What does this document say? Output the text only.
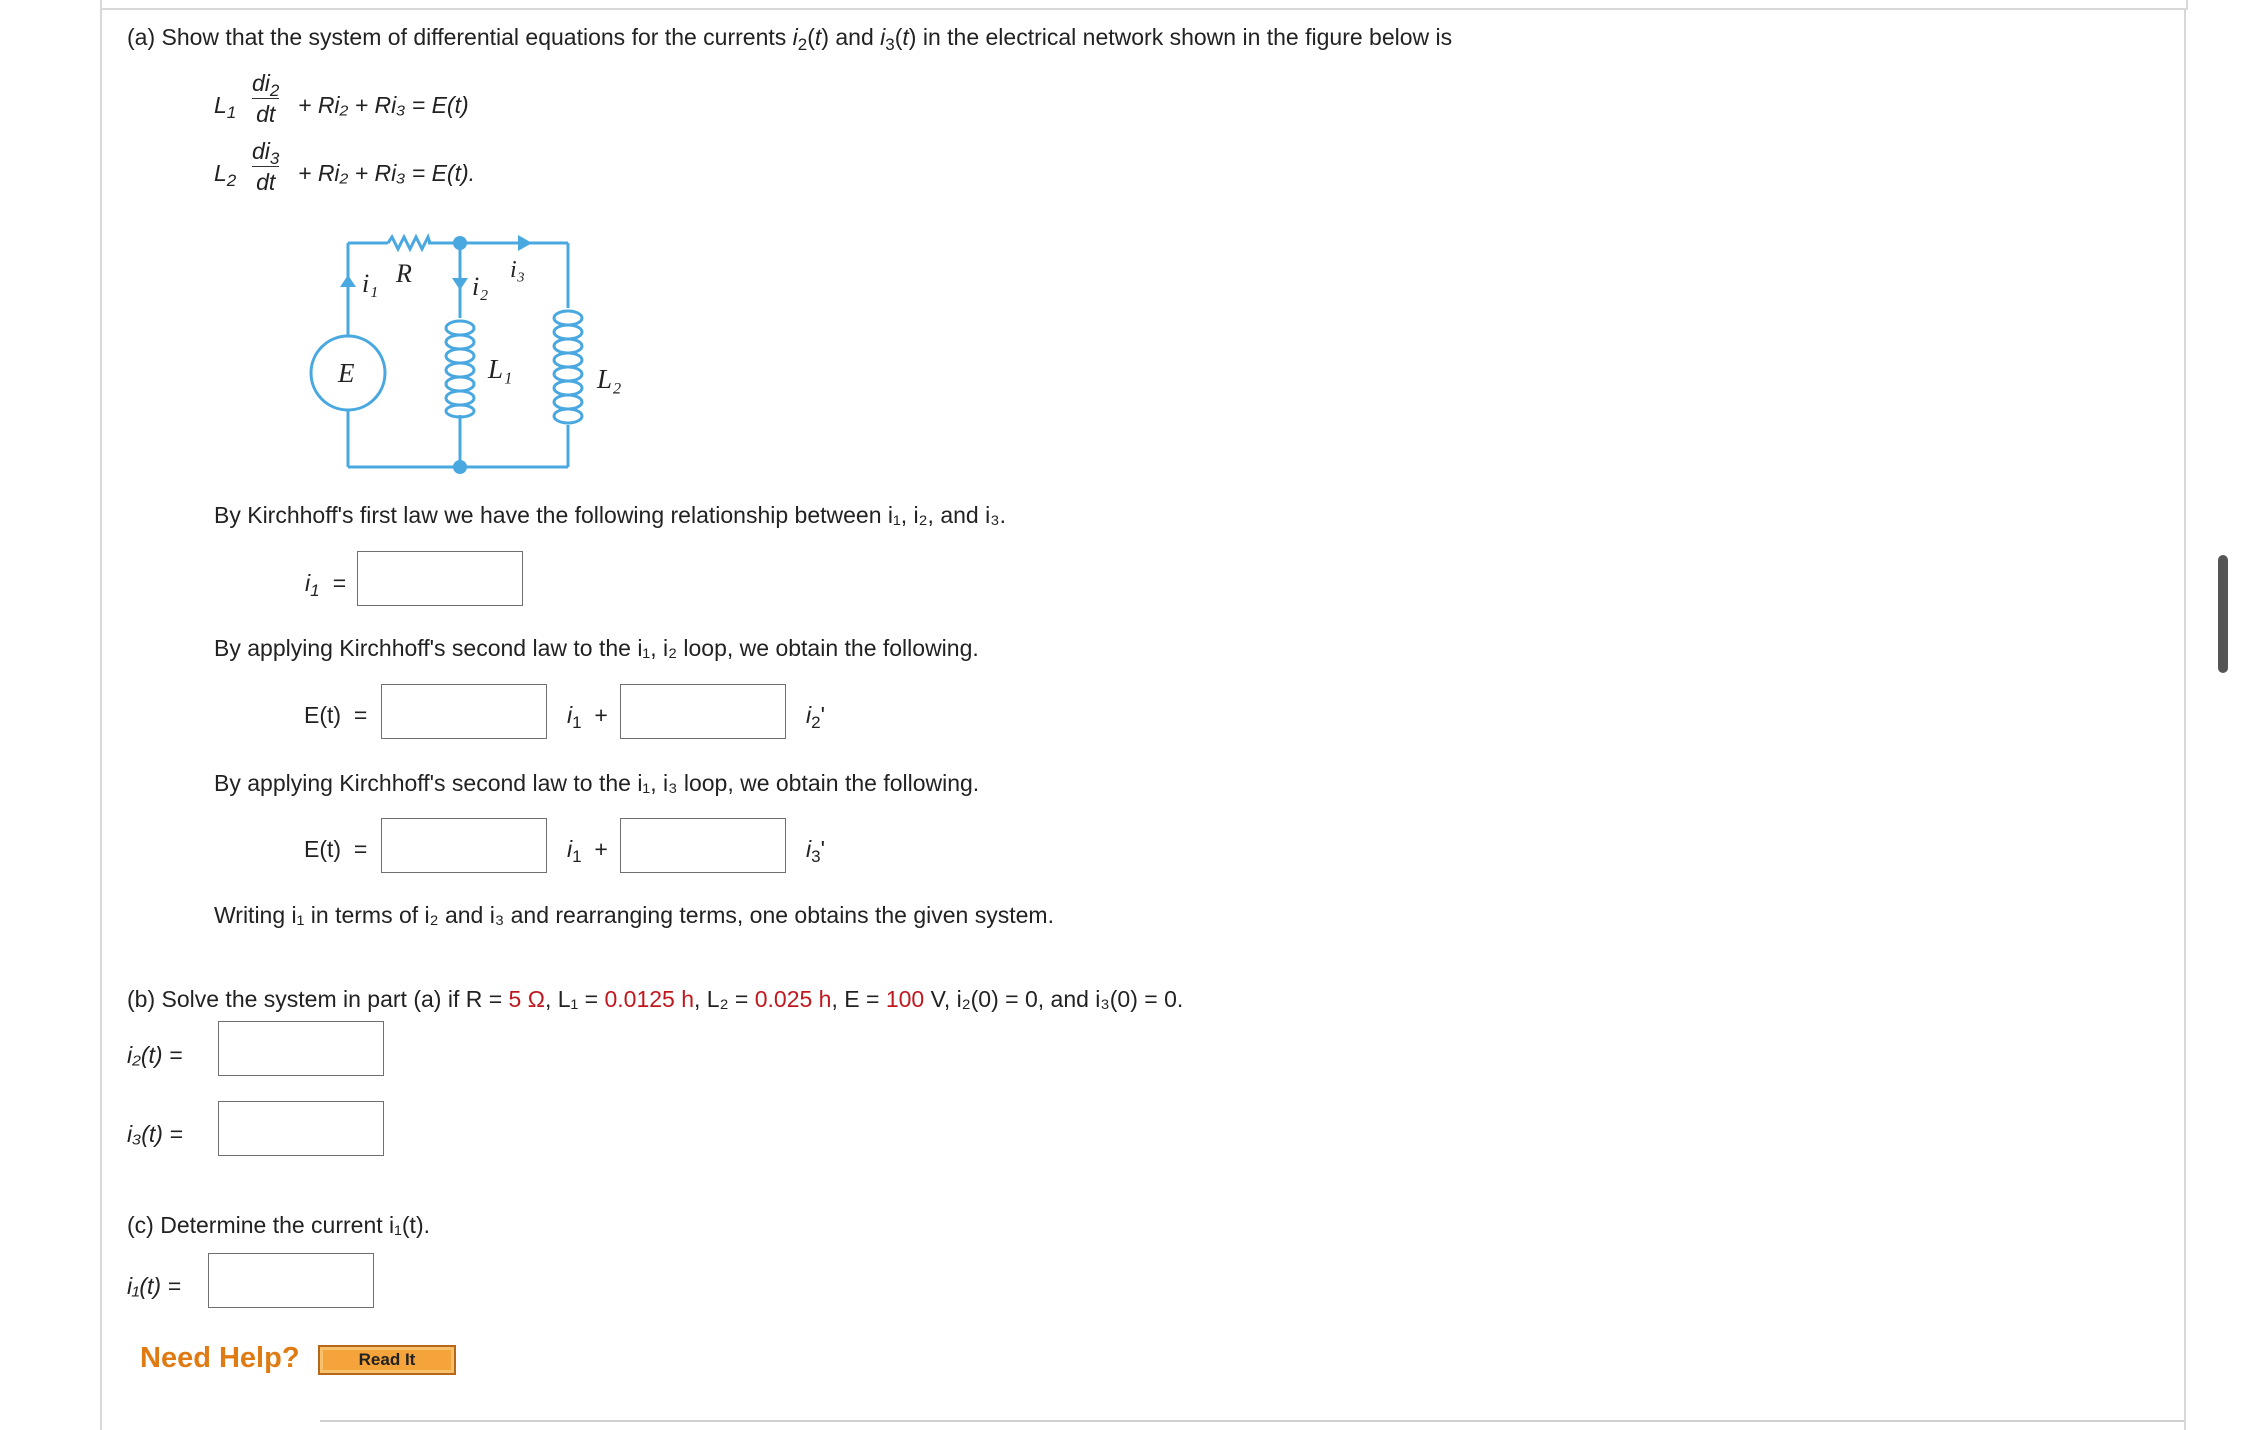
(a) Show that the system of differential equations for the currents $i_2(t)$ and $i_3(t)$ in the electrical network shown in the figure below is
$L_1$
$di_2$
dt + Ri₂ + Ri₃ = E(t)
$L_2$
$di_3$
dt + Ri₂ + Ri₃ = E(t).
i₁ R i₂
i₃
E	L₁	L₂
By Kirchhoff's first law we have the following relationship between i₁, i₂, and i₃.
$i_1$  =
By applying Kirchhoff's second law to the i₁, i₂ loop, we obtain the following.
E(t)  =	$i_1$  +	$i_2'$
By applying Kirchhoff's second law to the i₁, i₃ loop, we obtain the following.
E(t)  =	$i_1$  +	$i_3'$
Writing i₁ in terms of i₂ and i₃ and rearranging terms, one obtains the given system.
(b) Solve the system in part (a) if R = 5 Ω, L₁ = 0.0125 h, L₂ = 0.025 h, E = 100 V, i₂(0) = 0, and i₃(0) = 0.
i₂(t) =
i₃(t) =
(c) Determine the current i₁(t).
i₁(t) =
Need Help?	Read It
